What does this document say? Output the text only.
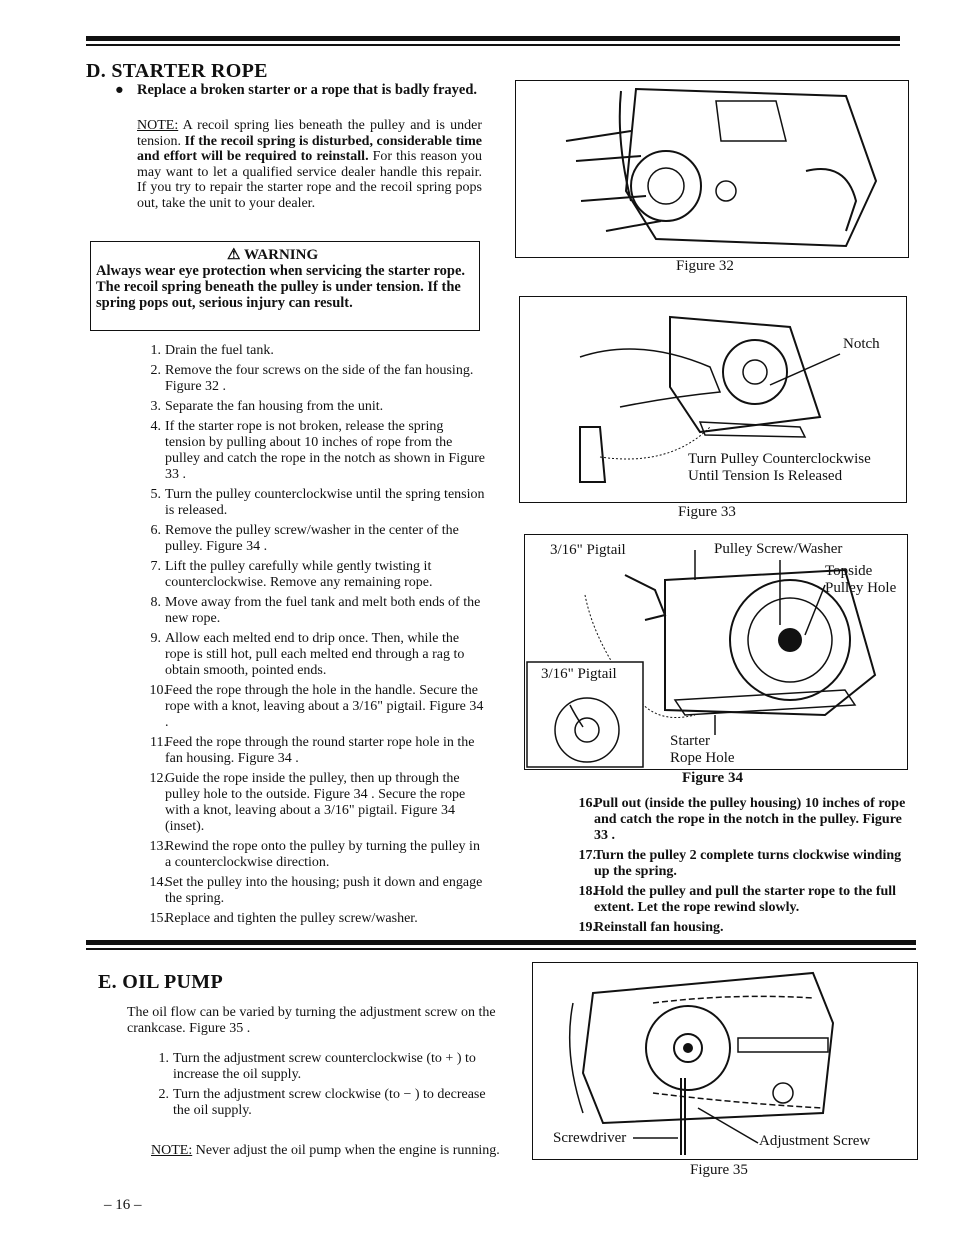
D. STARTER ROPE
● Replace a broken starter or a rope that is badly frayed.
NOTE: A recoil spring lies beneath the pulley and is under tension. If the recoil spring is disturbed, considerable time and effort will be required to reinstall. For this reason you may want to let a qualified service dealer handle this repair. If you try to repair the starter rope and the recoil spring pops out, take the unit to your dealer.
⚠ WARNING
Always wear eye protection when servicing the starter rope. The recoil spring beneath the pulley is under tension. If the spring pops out, serious injury can result.
1. Drain the fuel tank.
2. Remove the four screws on the side of the fan housing. Figure 32 .
3. Separate the fan housing from the unit.
4. If the starter rope is not broken, release the spring tension by pulling about 10 inches of rope from the pulley and catch the rope in the notch as shown in Figure 33 .
5. Turn the pulley counterclockwise until the spring tension is released.
6. Remove the pulley screw/washer in the center of the pulley. Figure 34 .
7. Lift the pulley carefully while gently twisting it counterclockwise. Remove any remaining rope.
8. Move away from the fuel tank and melt both ends of the new rope.
9. Allow each melted end to drip once. Then, while the rope is still hot, pull each melted end through a rag to obtain smooth, pointed ends.
10.
Feed the rope through the hole in the handle. Secure the rope with a knot, leaving about a 3/16" pigtail. Figure 34 .
11.
Feed the rope through the round starter rope hole in the fan housing. Figure 34 .
12.
Guide the rope inside the pulley, then up through the pulley hole to the outside. Figure 34 . Secure the rope with a knot, leaving about a 3/16" pigtail. Figure 34 (inset).
13.
Rewind the rope onto the pulley by turning the pulley in a counterclockwise direction.
14.
Set the pulley into the housing; push it down and engage the spring.
15.
Replace and tighten the pulley screw/washer.
Figure 32
Notch
Turn Pulley Counterclockwise
Until Tension Is Released
Figure 33
3/16" Pigtail	Pulley Screw/Washer
Topside
Pulley Hole
3/16" Pigtail
Starter
Rope Hole
Figure 34
16.
Pull out (inside the pulley housing) 10 inches of rope and catch the rope in the notch in the pulley. Figure 33 .
17.
Turn the pulley 2 complete turns clockwise winding up the spring.
18.
Hold the pulley and pull the starter rope to the full extent. Let the rope rewind slowly.
19.
Reinstall fan housing.
E. OIL PUMP
The oil flow can be varied by turning the adjustment screw on the crankcase. Figure 35 .
1. Turn the adjustment screw counterclockwise (to + ) to increase the oil supply.
2. Turn the adjustment screw clockwise (to − ) to decrease the oil supply.
NOTE: Never adjust the oil pump when the engine is running.
Screwdriver	Adjustment Screw
Figure 35
– 16 –
